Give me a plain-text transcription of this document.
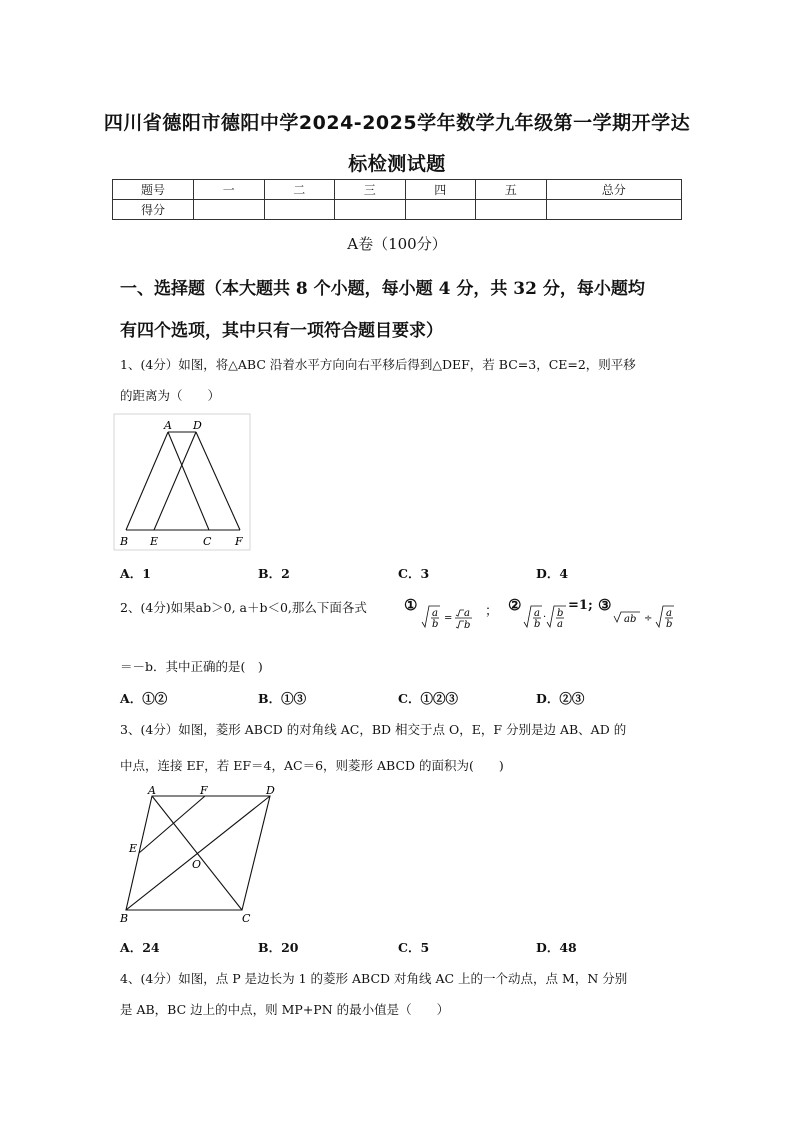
四川省德阳市德阳中学2024-2025学年数学九年级第一学期开学达
标检测试题
题号	一	二	三	四	五	总分
得分						
A卷（100分）
一、选择题（本大题共 8 个小题，每小题 4 分，共 32 分，每小题均
有四个选项，其中只有一项符合题目要求）
1、(4分）如图，将△ABC 沿着水平方向向右平移后得到△DEF，若 BC=3，CE=2，则平移
的距离为（　　）
A D
B E	C F
A．1	B．2	C．3	D．4
2、(4分)如果ab＞0, a＋b＜0,那么下面各式 ① a
b
= a
b
； ② a
b
· b
a
=1; ③
ab ÷ a
b
＝－b．其中正确的是(　)
A．①②	B．①③	C．①②③	D．②③
3、(4分）如图，菱形 ABCD 的对角线 AC，BD 相交于点 O，E，F 分别是边 AB、AD 的
中点，连接 EF，若 EF＝4，AC＝6，则菱形 ABCD 的面积为(　　)
A	F	D
E
O
B	C
A．24	B．20	C．5	D．48
4、(4分）如图，点 P 是边长为 1 的菱形 ABCD 对角线 AC 上的一个动点，点 M，N 分别
是 AB，BC 边上的中点，则 MP+PN 的最小值是（　　）
